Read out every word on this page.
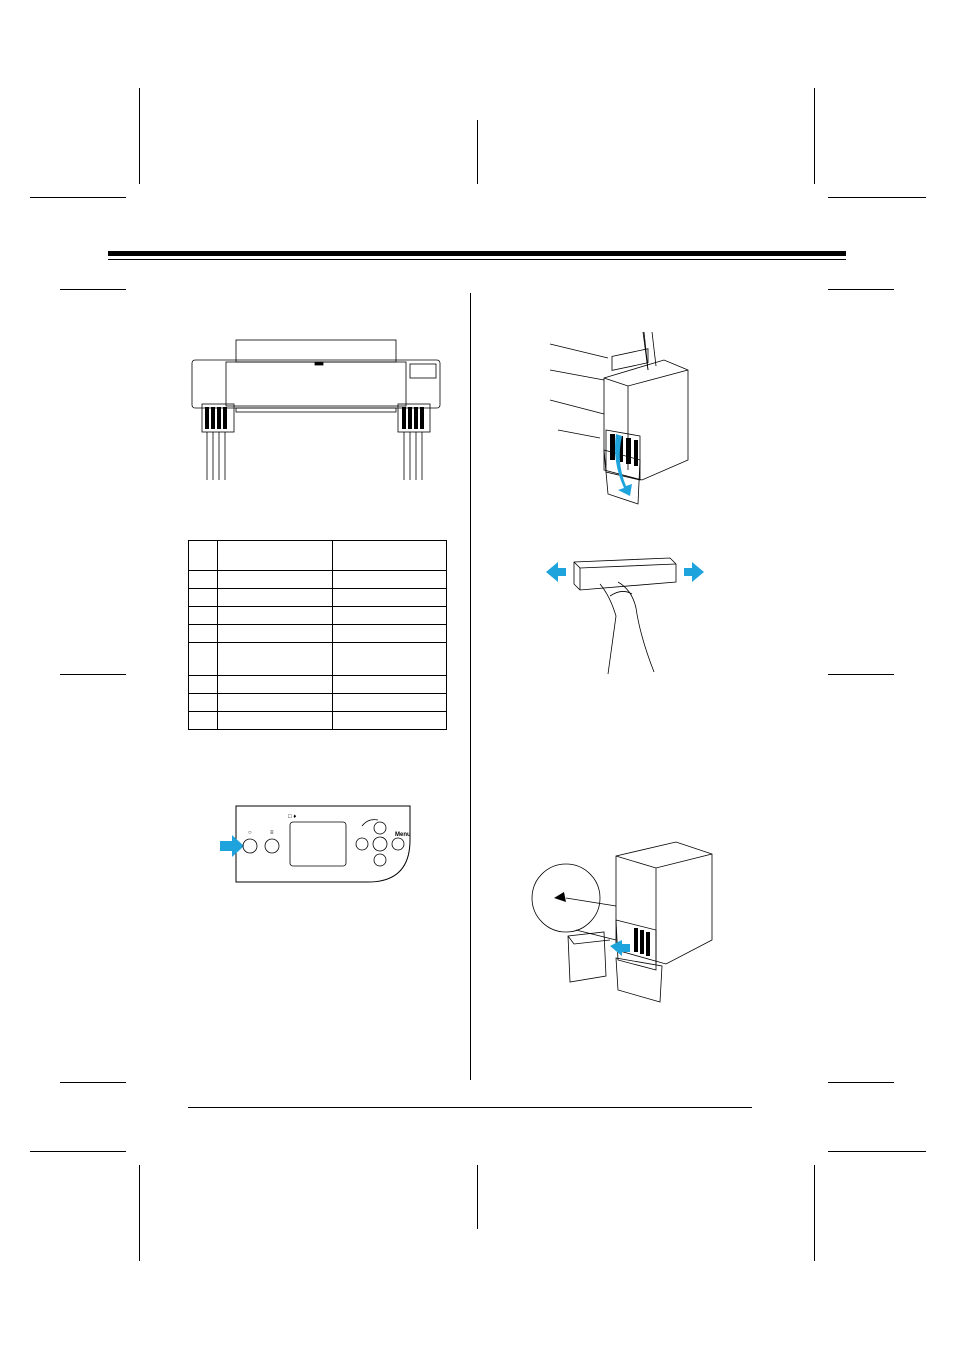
○	≡
□ ♦
Menu
